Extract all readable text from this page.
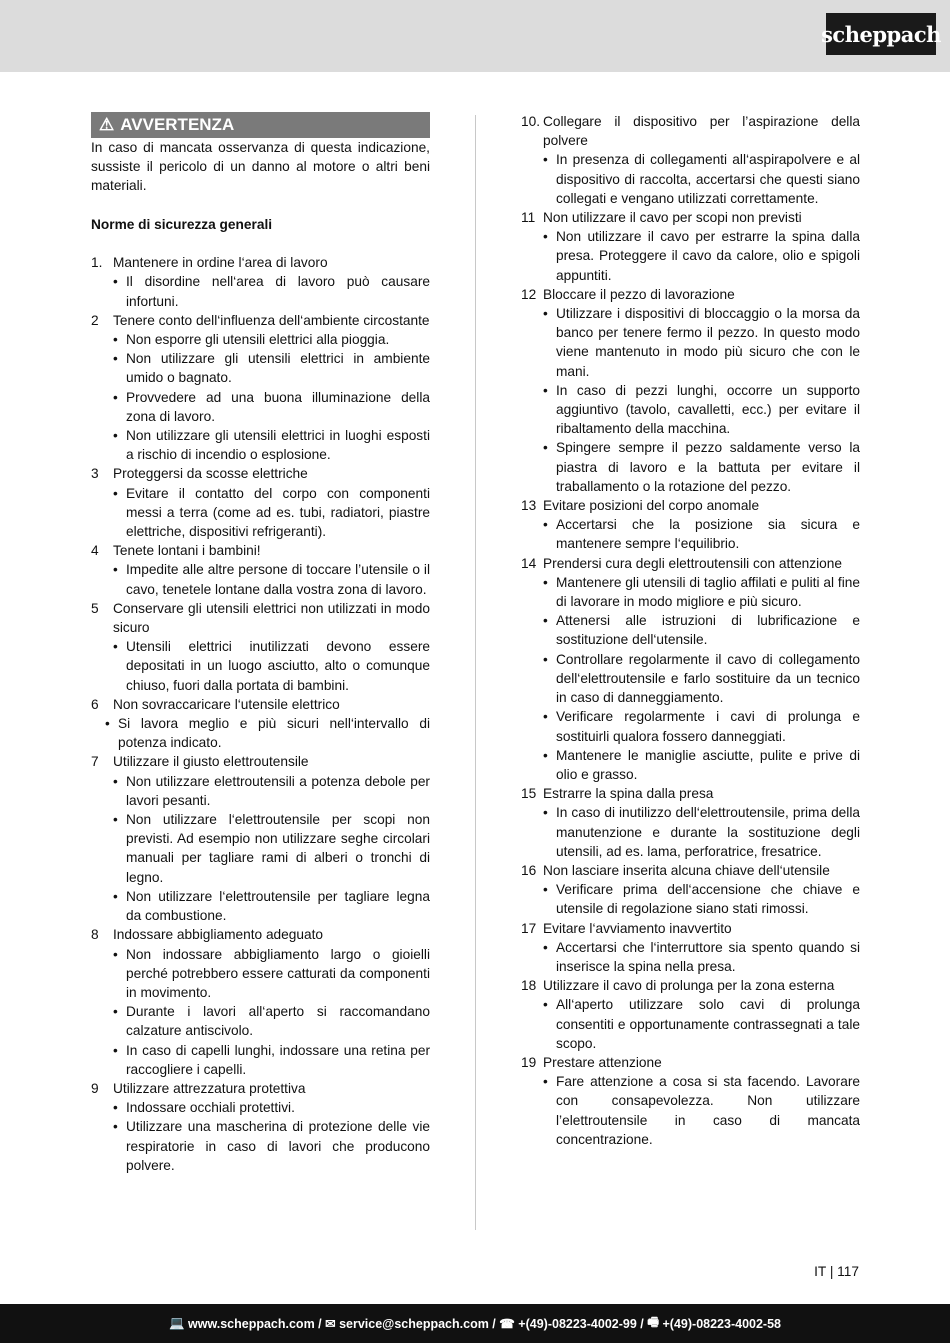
scheppach
⚠ AVVERTENZA
In caso di mancata osservanza di questa indicazione, sussiste il pericolo di un danno al motore o altri beni materiali.
Norme di sicurezza generali
1. Mantenere in ordine l‘area di lavoro
• Il disordine nell‘area di lavoro può causare infortuni.
2	Tenere conto dell‘influenza dell‘ambiente circostante
• Non esporre gli utensili elettrici alla pioggia.
• Non utilizzare gli utensili elettrici in ambiente umido o bagnato.
• Provvedere ad una buona illuminazione della zona di lavoro.
• Non utilizzare gli utensili elettrici in luoghi esposti a rischio di incendio o esplosione.
3	Proteggersi da scosse elettriche
• Evitare il contatto del corpo con componenti messi a terra (come ad es. tubi, radiatori, piastre elettriche, dispositivi refrigeranti).
4	Tenete lontani i bambini!
• Impedite alle altre persone di toccare l’utensile o il cavo, tenetele lontane dalla vostra zona di lavoro.
5	Conservare gli utensili elettrici non utilizzati in modo sicuro
• Utensili elettrici inutilizzati devono essere depositati in un luogo asciutto, alto o comunque chiuso, fuori dalla portata di bambini.
6	Non sovraccaricare l‘utensile elettrico
• Si lavora meglio e più sicuri nell‘intervallo di potenza indicato.
7	Utilizzare il giusto elettroutensile
• Non utilizzare elettroutensili a potenza debole per lavori pesanti.
• Non utilizzare l‘elettroutensile per scopi non previsti. Ad esempio non utilizzare seghe circolari manuali per tagliare rami di alberi o tronchi di legno.
• Non utilizzare l‘elettroutensile per tagliare legna da combustione.
8	Indossare abbigliamento adeguato
• Non indossare abbigliamento largo o gioielli perché potrebbero essere catturati da componenti in movimento.
• Durante i lavori all‘aperto si raccomandano calzature antiscivolo.
• In caso di capelli lunghi, indossare una retina per raccogliere i capelli.
9	Utilizzare attrezzatura protettiva
• Indossare occhiali protettivi.
• Utilizzare una mascherina di protezione delle vie respiratorie in caso di lavori che producono polvere.
10. Collegare il dispositivo per l’aspirazione della polvere
• In presenza di collegamenti all‘aspirapolvere e al dispositivo di raccolta, accertarsi che questi siano collegati e vengano utilizzati correttamente.
11 Non utilizzare il cavo per scopi non previsti
• Non utilizzare il cavo per estrarre la spina dalla presa. Proteggere il cavo da calore, olio e spigoli appuntiti.
12 Bloccare il pezzo di lavorazione
• Utilizzare i dispositivi di bloccaggio o la morsa da banco per tenere fermo il pezzo. In questo modo viene mantenuto in modo più sicuro che con le mani.
• In caso di pezzi lunghi, occorre un supporto aggiuntivo (tavolo, cavalletti, ecc.) per evitare il ribaltamento della macchina.
• Spingere sempre il pezzo saldamente verso la piastra di lavoro e la battuta per evitare il traballamento o la rotazione del pezzo.
13 Evitare posizioni del corpo anomale
• Accertarsi che la posizione sia sicura e mantenere sempre l‘equilibrio.
14 Prendersi cura degli elettroutensili con attenzione
• Mantenere gli utensili di taglio affilati e puliti al fine di lavorare in modo migliore e più sicuro.
• Attenersi alle istruzioni di lubrificazione e sostituzione dell‘utensile.
• Controllare regolarmente il cavo di collegamento dell‘elettroutensile e farlo sostituire da un tecnico in caso di danneggiamento.
• Verificare regolarmente i cavi di prolunga e sostituirli qualora fossero danneggiati.
• Mantenere le maniglie asciutte, pulite e prive di olio e grasso.
15 Estrarre la spina dalla presa
• In caso di inutilizzo dell‘elettroutensile, prima della manutenzione e durante la sostituzione degli utensili, ad es. lama, perforatrice, fresatrice.
16 Non lasciare inserita alcuna chiave dell‘utensile
• Verificare prima dell‘accensione che chiave e utensile di regolazione siano stati rimossi.
17 Evitare l‘avviamento inavvertito
• Accertarsi che l‘interruttore sia spento quando si inserisce la spina nella presa.
18 Utilizzare il cavo di prolunga per la zona esterna
• All‘aperto utilizzare solo cavi di prolunga consentiti e opportunamente contrassegnati a tale scopo.
19 Prestare attenzione
• Fare attenzione a cosa si sta facendo. Lavorare con consapevolezza. Non utilizzare l’elettroutensile in caso di mancata concentrazione.
IT | 117
💻 www.scheppach.com / ✉ service@scheppach.com / ☎ +(49)-08223-4002-99 / 🖷 +(49)-08223-4002-58
